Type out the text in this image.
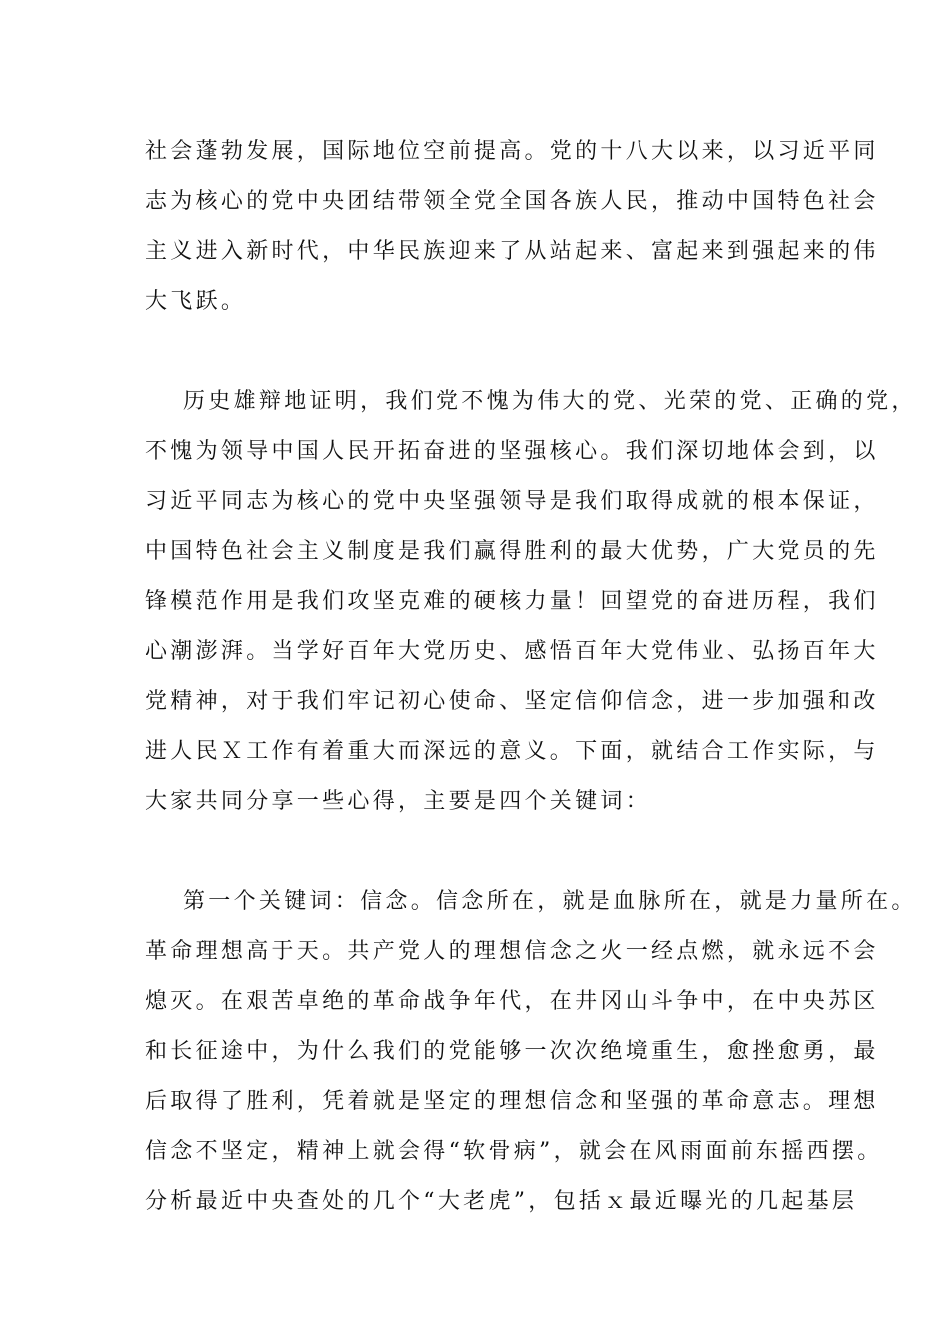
社会蓬勃发展，国际地位空前提高。党的十八大以来，以习近平同
志为核心的党中央团结带领全党全国各族人民，推动中国特色社会
主义进入新时代，中华民族迎来了从站起来、富起来到强起来的伟
大飞跃。
历史雄辩地证明，我们党不愧为伟大的党、光荣的党、正确的党，
不愧为领导中国人民开拓奋进的坚强核心。我们深切地体会到，以
习近平同志为核心的党中央坚强领导是我们取得成就的根本保证，
中国特色社会主义制度是我们赢得胜利的最大优势，广大党员的先
锋模范作用是我们攻坚克难的硬核力量！回望党的奋进历程，我们
心潮澎湃。当学好百年大党历史、感悟百年大党伟业、弘扬百年大
党精神，对于我们牢记初心使命、坚定信仰信念，进一步加强和改
进人民Ｘ工作有着重大而深远的意义。下面，就结合工作实际，与
大家共同分享一些心得，主要是四个关键词：
第一个关键词：信念。信念所在，就是血脉所在，就是力量所在。
革命理想高于天。共产党人的理想信念之火一经点燃，就永远不会
熄灭。在艰苦卓绝的革命战争年代，在井冈山斗争中，在中央苏区
和长征途中，为什么我们的党能够一次次绝境重生，愈挫愈勇，最
后取得了胜利，凭着就是坚定的理想信念和坚强的革命意志。理想
信念不坚定，精神上就会得“软骨病”，就会在风雨面前东摇西摆。
分析最近中央查处的几个“大老虎”，包括ｘ最近曝光的几起基层
